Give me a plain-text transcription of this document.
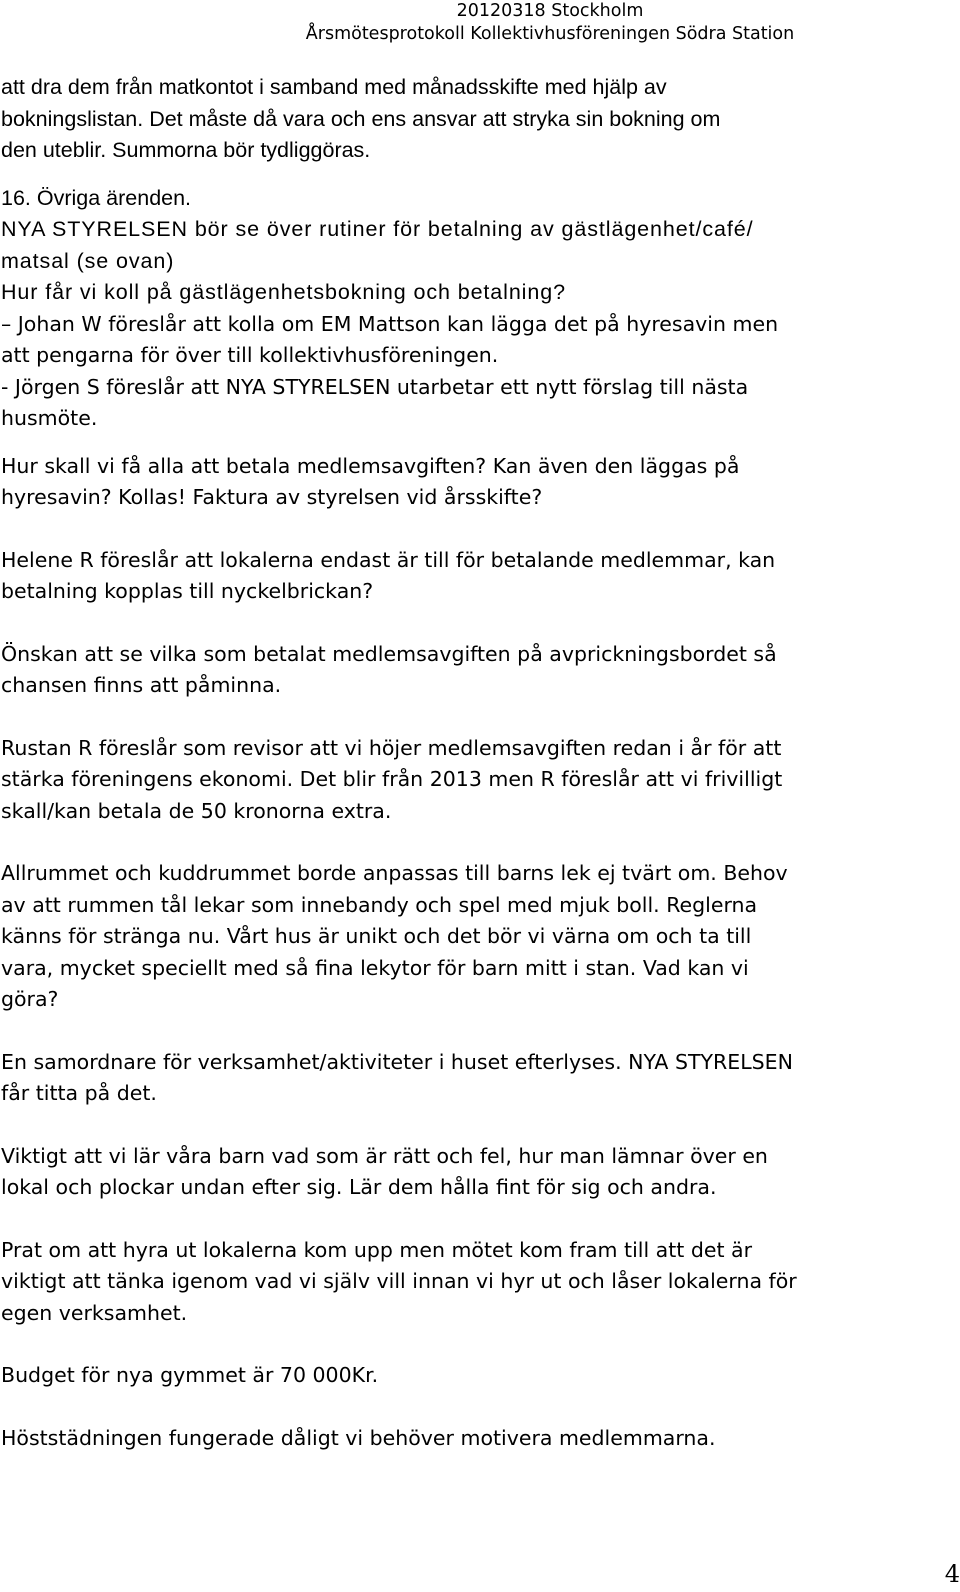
20120318 Stockholm
Årsmötesprotokoll Kollektivhusföreningen Södra Station

att dra dem från matkontot i samband med månadsskifte med hjälp av

bokningslistan. Det måste då vara och ens ansvar att stryka sin bokning om

den uteblir. Summorna bör tydliggöras.

16. Övriga ärenden.

NYA STYRELSEN bör se över rutiner för betalning av gästlägenhet/café/

matsal (se ovan)

Hur får vi koll på gästlägenhetsbokning och betalning?

– Johan W föreslår att kolla om EM Mattson kan lägga det på hyresavin men

att pengarna för över till kollektivhusföreningen.

- Jörgen S föreslår att NYA STYRELSEN utarbetar ett nytt förslag till nästa

husmöte.

Hur skall vi få alla att betala medlemsavgiften? Kan även den läggas på

hyresavin? Kollas! Faktura av styrelsen vid årsskifte?

Helene R föreslår att lokalerna endast är till för betalande medlemmar, kan

betalning kopplas till nyckelbrickan?

Önskan att se vilka som betalat medlemsavgiften på avprickningsbordet så

chansen finns att påminna.

Rustan R föreslår som revisor att vi höjer medlemsavgiften redan i år för att

stärka föreningens ekonomi. Det blir från 2013 men R föreslår att vi frivilligt

skall/kan betala de 50 kronorna extra.

Allrummet och kuddrummet borde anpassas till barns lek ej tvärt om. Behov

av att rummen tål lekar som innebandy och spel med mjuk boll. Reglerna

känns för stränga nu. Vårt hus är unikt och det bör vi värna om och ta till

vara, mycket speciellt med så fina lekytor för barn mitt i stan. Vad kan vi

göra?

En samordnare för verksamhet/aktiviteter i huset efterlyses. NYA STYRELSEN

får titta på det.

Viktigt att vi lär våra barn vad som är rätt och fel, hur man lämnar över en

lokal och plockar undan efter sig. Lär dem hålla fint för sig och andra.

Prat om att hyra ut lokalerna kom upp men mötet kom fram till att det är

viktigt att tänka igenom vad vi själv vill innan vi hyr ut och låser lokalerna för

egen verksamhet.

Budget för nya gymmet är 70 000Kr.

Höststädningen fungerade dåligt vi behöver motivera medlemmarna.

4
